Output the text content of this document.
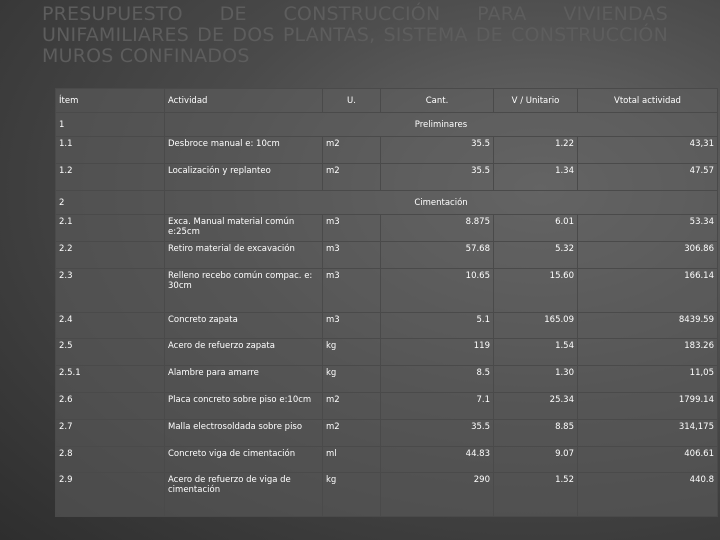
PRESUPUESTO DE CONSTRUCCIÓN PARA VIVIENDAS
UNIFAMILIARES DE DOS PLANTAS, SISTEMA DE CONSTRUCCIÓN
MUROS CONFINADOS
Ítem	Actividad	U.	Cant.	V / Unitario	Vtotal actividad
1	Preliminares				
1.1	Desbroce manual e: 10cm	m2	35.5	1.22	43,31
1.2	Localización y replanteo	m2	35.5	1.34	47.57
2	Cimentación				
2.1	Exca. Manual material común e:25cm	m3	8.875	6.01	53.34
2.2	Retiro material de excavación	m3	57.68	5.32	306.86
2.3	Relleno recebo común compac. e: 30cm	m3	10.65	15.60	166.14
2.4	Concreto zapata	m3	5.1	165.09	8439.59
2.5	Acero de refuerzo zapata	kg	119	1.54	183.26
2.5.1	Alambre para amarre	kg	8.5	1.30	11,05
2.6	Placa concreto sobre piso e:10cm	m2	7.1	25.34	1799.14
2.7	Malla electrosoldada sobre piso	m2	35.5	8.85	314,175
2.8	Concreto viga de cimentación	ml	44.83	9.07	406.61
2.9	Acero de refuerzo de viga de cimentación	kg	290	1.52	440.8
